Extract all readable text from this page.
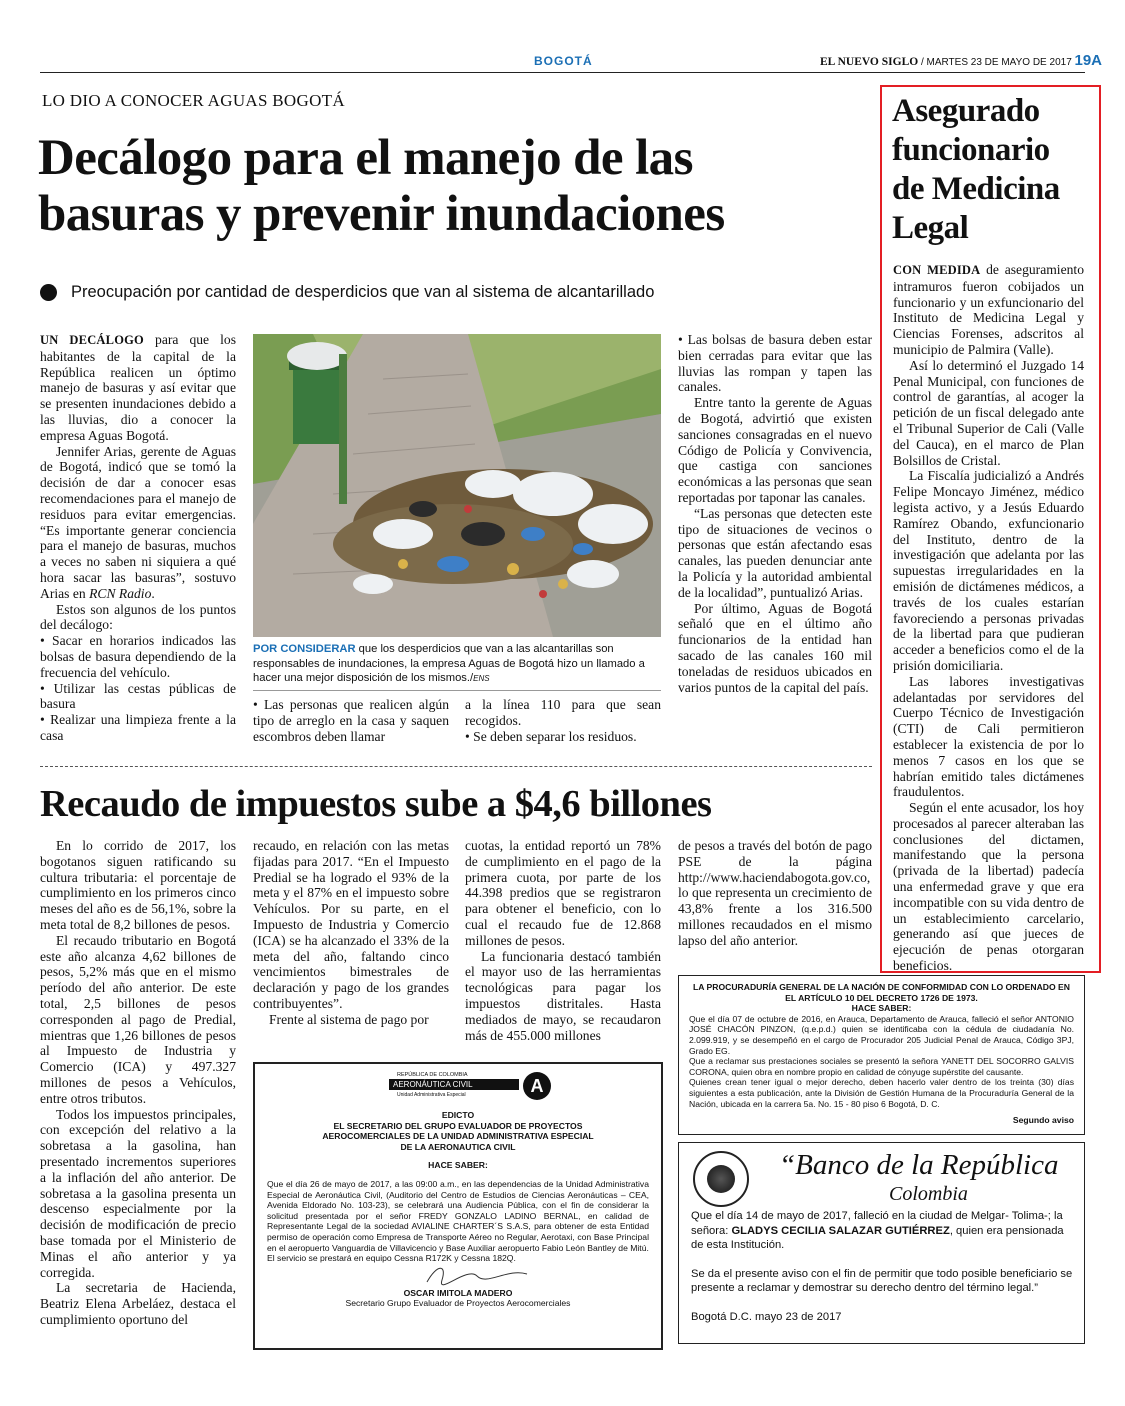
BOGOTÁ	EL NUEVO SIGLO / MARTES 23 DE MAYO DE 2017 19A
LO DIO A CONOCER AGUAS BOGOTÁ
Decálogo para el manejo de las
basuras y prevenir inundaciones
Preocupación por cantidad de desperdicios que van al sistema de alcantarillado

UN DECÁLOGO para que los habitantes de la capital de la República realicen un óptimo manejo de basuras y así evitar que se presenten inundaciones debido a las lluvias, dio a conocer la empresa Aguas Bogotá.

Jennifer Arias, gerente de Aguas de Bogotá, indicó que se tomó la decisión de dar a conocer esas recomendaciones para el manejo de residuos para evitar emergencias. “Es importante generar conciencia para el manejo de basuras, muchos a veces no saben ni siquiera a qué hora sacar las basuras”, sostuvo Arias en RCN Radio.

Estos son algunos de los puntos del decálogo:

• Sacar en horarios indicados las bolsas de basura dependiendo de la frecuencia del vehículo.
• Utilizar las cestas públicas de basura
• Realizar una limpieza frente a la casa
POR CONSIDERAR que los desperdicios que van a las alcantarillas son responsables de inundaciones, la empresa Aguas de Bogotá hizo un llamado a hacer una mejor disposición de los mismos./ENS
• Las personas que realicen algún tipo de arreglo en la casa y saquen escombros deben llamar
a la línea 110 para que sean recogidos.
• Se deben separar los residuos.
• Las bolsas de basura deben estar bien cerradas para evitar que las lluvias las rompan y tapen las canales.

Entre tanto la gerente de Aguas de Bogotá, advirtió que existen sanciones consagradas en el nuevo Código de Policía y Convivencia, que castiga con sanciones económicas a las personas que sean reportadas por taponar las canales.

“Las personas que detecten este tipo de situaciones de vecinos o personas que están afectando esas canales, las pueden denunciar ante la Policía y la autoridad ambiental de la localidad”, puntualizó Arias.

Por último, Aguas de Bogotá señaló que en el último año funcionarios de la entidad han sacado de las canales 160 mil toneladas de residuos ubicados en varios puntos de la capital del país.

Asegurado funcionario de Medicina Legal

CON MEDIDA de aseguramiento intramuros fueron cobijados un funcionario y un exfuncionario del Instituto de Medicina Legal y Ciencias Forenses, adscritos al municipio de Palmira (Valle).

Así lo determinó el Juzgado 14 Penal Municipal, con funciones de control de garantías, al acoger la petición de un fiscal delegado ante el Tribunal Superior de Cali (Valle del Cauca), en el marco de Plan Bolsillos de Cristal.

La Fiscalía judicializó a Andrés Felipe Moncayo Jiménez, médico legista activo, y a Jesús Eduardo Ramírez Obando, exfuncionario del Instituto, dentro de la investigación que adelanta por las supuestas irregularidades en la emisión de dictámenes médicos, a través de los cuales estarían favoreciendo a personas privadas de la libertad para que pudieran acceder a beneficios como el de la prisión domiciliaria.

Las labores investigativas adelantadas por servidores del Cuerpo Técnico de Investigación (CTI) de Cali permitieron establecer la existencia de por lo menos 7 casos en los que se habrían emitido tales dictámenes fraudulentos.

Según el ente acusador, los hoy procesados al parecer alteraban las conclusiones del dictamen, manifestando que la persona (privada de la libertad) padecía una enfermedad grave y que era incompatible con su vida dentro de un establecimiento carcelario, generando así que jueces de ejecución de penas otorgaran beneficios.

Recaudo de impuestos sube a $4,6 billones

En lo corrido de 2017, los bogotanos siguen ratificando su cultura tributaria: el porcentaje de cumplimiento en los primeros cinco meses del año es de 56,1%, sobre la meta total de 8,2 billones de pesos.

El recaudo tributario en Bogotá este año alcanza 4,62 billones de pesos, 5,2% más que en el mismo período del año anterior. De este total, 2,5 billones de pesos corresponden al pago de Predial, mientras que 1,26 billones de pesos al Impuesto de Industria y Comercio (ICA) y 497.327 millones de pesos a Vehículos, entre otros tributos.

Todos los impuestos principales, con excepción del relativo a la sobretasa a la gasolina, han presentado incrementos superiores a la inflación del año anterior. De sobretasa a la gasolina presenta un descenso especialmente por la decisión de modificación de precio base tomada por el Ministerio de Minas el año anterior y ya corregida.

La secretaria de Hacienda, Beatriz Elena Arbeláez, destaca el cumplimiento oportuno del

recaudo, en relación con las metas fijadas para 2017. “En el Impuesto Predial se ha logrado el 93% de la meta y el 87% en el impuesto sobre Vehículos. Por su parte, en el Impuesto de Industria y Comercio (ICA) se ha alcanzado el 33% de la meta del año, faltando cinco vencimientos bimestrales de declaración y pago de los grandes contribuyentes”.

Frente al sistema de pago por

cuotas, la entidad reportó un 78% de cumplimiento en el pago de la primera cuota, por parte de los 44.398 predios que se registraron para obtener el beneficio, con lo cual el recaudo fue de 12.868 millones de pesos.

La funcionaria destacó también el mayor uso de las herramientas tecnológicas para pagar los impuestos distritales. Hasta mediados de mayo, se recaudaron más de 455.000 millones

de pesos a través del botón de pago PSE de la página http://www.haciendabogota.gov.co, lo que representa un crecimiento de 43,8% frente a los 316.500 millones recaudados en el mismo lapso del año anterior.

A
REPÚBLICA DE COLOMBIA
AERONÁUTICA CIVIL
Unidad Administrativa Especial

EDICTO

EL SECRETARIO DEL GRUPO EVALUADOR DE PROYECTOS AEROCOMERCIALES DE LA UNIDAD ADMINISTRATIVA ESPECIAL DE LA AERONAUTICA CIVIL

HACE SABER:

Que el día 26 de mayo de 2017, a las 09:00 a.m., en las dependencias de la Unidad Administrativa Especial de Aeronáutica Civil, (Auditorio del Centro de Estudios de Ciencias Aeronáuticas – CEA, Avenida Eldorado No. 103-23), se celebrará una Audiencia Pública, con el fin de considerar la solicitud presentada por el señor FREDY GONZALO LADINO BERNAL, en calidad de Representante Legal de la sociedad AVIALINE CHARTER´S S.A.S, para obtener de esta Entidad permiso de operación como Empresa de Transporte Aéreo no Regular, Aerotaxi, con Base Principal en el aeropuerto Vanguardia de Villavicencio y Base Auxiliar aeropuerto Fabio León Bantley de Mitú.

El servicio se prestará en equipo Cessna R172K y Cessna 182Q.

OSCAR IMITOLA MADERO

Secretario Grupo Evaluador de Proyectos Aerocomerciales

LA PROCURADURÍA GENERAL DE LA NACIÓN DE CONFORMIDAD CON LO ORDENADO EN EL ARTÍCULO 10 DEL DECRETO 1726 DE 1973.

HACE SABER:

Que el día 07 de octubre de 2016, en Arauca, Departamento de Arauca, falleció el señor ANTONIO JOSÉ CHACÓN PINZON, (q.e.p.d.) quien se identificaba con la cédula de ciudadanía No. 2.099.919, y se desempeñó en el cargo de Procurador 205 Judicial Penal de Arauca, Código 3PJ, Grado EG.

Que a reclamar sus prestaciones sociales se presentó la señora YANETT DEL SOCORRO GALVIS CORONA, quien obra en nombre propio en calidad de cónyuge supérstite del causante.

Quienes crean tener igual o mejor derecho, deben hacerlo valer dentro de los treinta (30) días siguientes a esta publicación, ante la División de Gestión Humana de la Procuraduría General de la Nación, ubicada en la carrera 5a. No. 15 - 80 piso 6 Bogotá, D. C.

Segundo aviso

“Banco de la República
Colombia

Que el día 14 de mayo de 2017, falleció en la ciudad de Melgar- Tolima-; la señora: GLADYS CECILIA SALAZAR GUTIÉRREZ, quien era pensionada de esta Institución.

Se da el presente aviso con el fin de permitir que todo posible beneficiario se presente a reclamar y demostrar su derecho dentro del término legal.”

Bogotá D.C. mayo 23 de 2017
